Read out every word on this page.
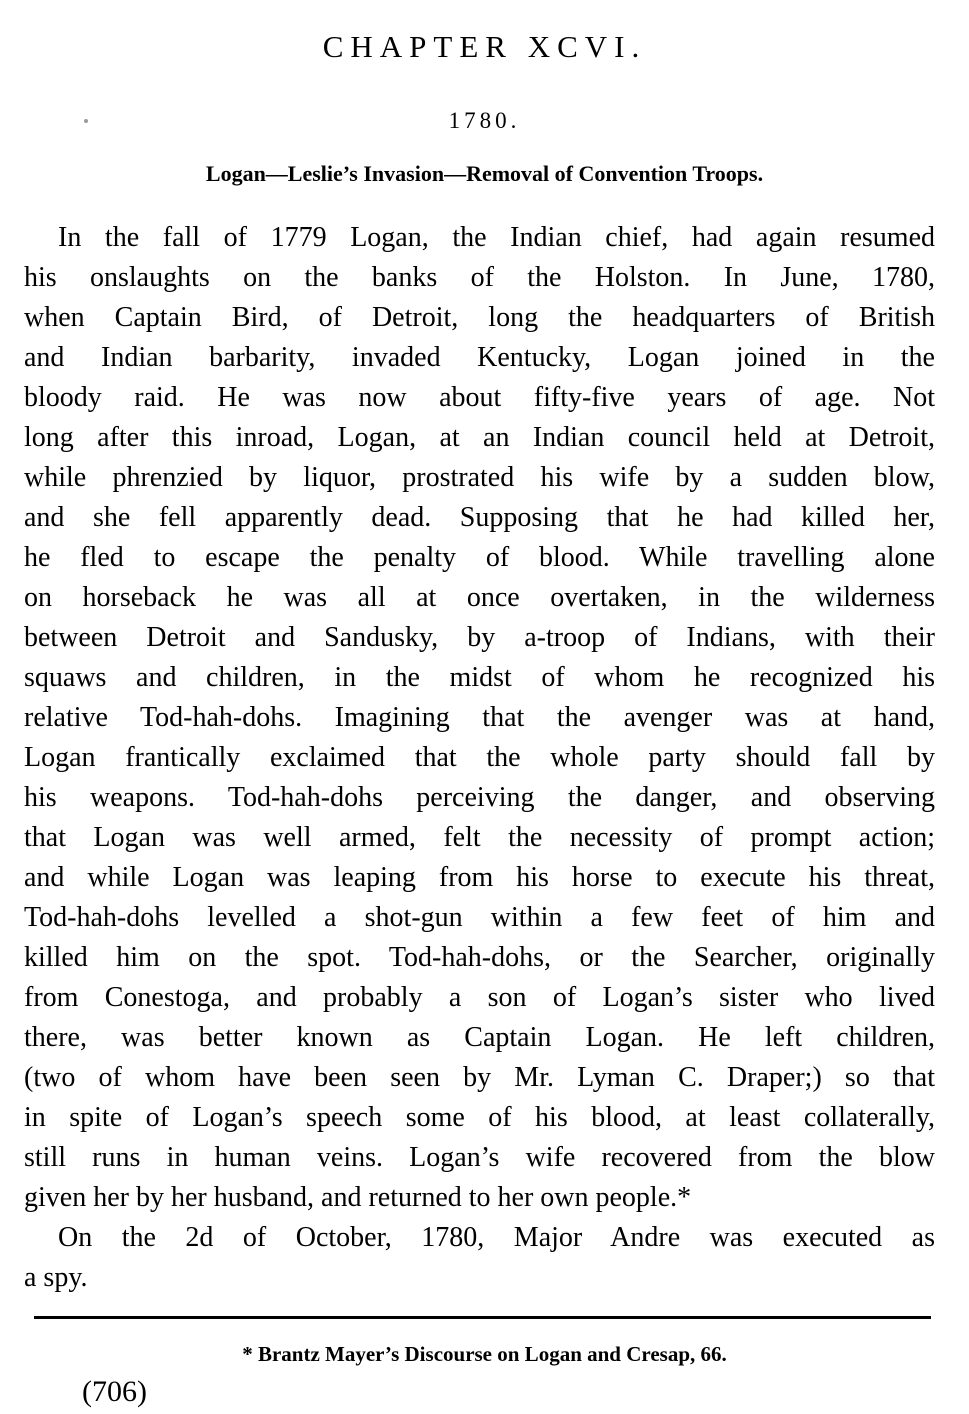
CHAPTER XCVI.
1780.
Logan—Leslie’s Invasion—Removal of Convention Troops.
In the fall of 1779 Logan, the Indian chief, had again resumed
his onslaughts on the banks of the Holston. In June, 1780,
when Captain Bird, of Detroit, long the headquarters of British
and Indian barbarity, invaded Kentucky, Logan joined in the
bloody raid. He was now about fifty-five years of age. Not
long after this inroad, Logan, at an Indian council held at Detroit,
while phrenzied by liquor, prostrated his wife by a sudden blow,
and she fell apparently dead. Supposing that he had killed her,
he fled to escape the penalty of blood. While travelling alone
on horseback he was all at once overtaken, in the wilderness
between Detroit and Sandusky, by a-troop of Indians, with their
squaws and children, in the midst of whom he recognized his
relative Tod-hah-dohs. Imagining that the avenger was at hand,
Logan frantically exclaimed that the whole party should fall by
his weapons. Tod-hah-dohs perceiving the danger, and observing
that Logan was well armed, felt the necessity of prompt action;
and while Logan was leaping from his horse to execute his threat,
Tod-hah-dohs levelled a shot-gun within a few feet of him and
killed him on the spot. Tod-hah-dohs, or the Searcher, originally
from Conestoga, and probably a son of Logan’s sister who lived
there, was better known as Captain Logan. He left children,
(two of whom have been seen by Mr. Lyman C. Draper;) so that
in spite of Logan’s speech some of his blood, at least collaterally,
still runs in human veins. Logan’s wife recovered from the blow
given her by her husband, and returned to her own people.*
On the 2d of October, 1780, Major Andre was executed as
a spy.
* Brantz Mayer’s Discourse on Logan and Cresap, 66.
(706)
